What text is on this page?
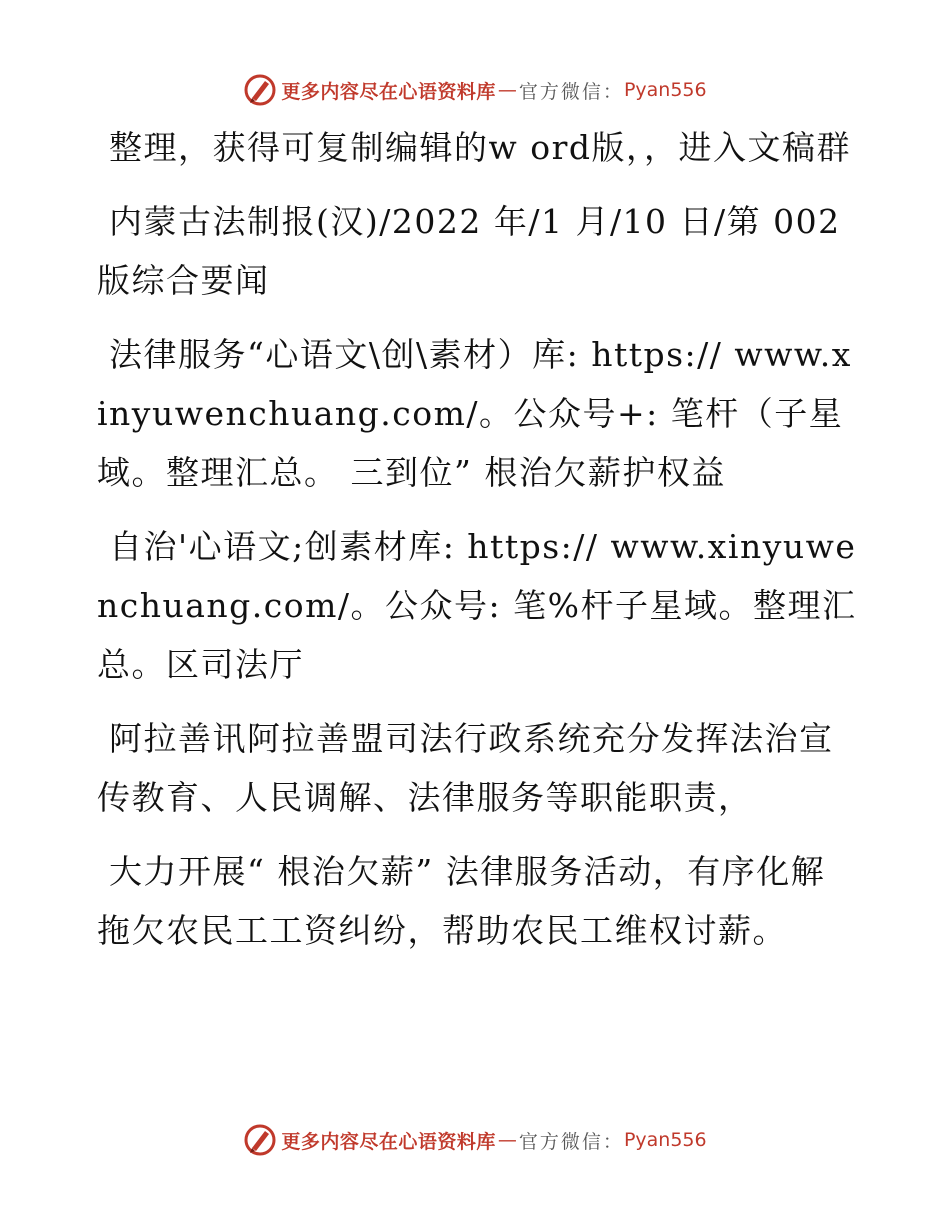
更多内容尽在心语资料库 — 官方微信： Pyan556

整理，获得可复制编辑的w ord版，，进入文稿群

内蒙古法制报(汉)/2022 年/1 月/10 日/第 002 版综合要闻

法律服务“心语文\创\素材）库: https:// www.xinyuwenchuang.com/。公众号+: 笔杆（子星域。整理汇总。 三到位” 根治欠薪护权益

自治'心语文;创素材库: https:// www.xinyuwenchuang.com/。公众号: 笔%杆子星域。整理汇总。区司法厅

阿拉善讯阿拉善盟司法行政系统充分发挥法治宣传教育、人民调解、法律服务等职能职责，

大力开展“ 根治欠薪” 法律服务活动，有序化解拖欠农民工工资纠纷，帮助农民工维权讨薪。

更多内容尽在心语资料库 — 官方微信： Pyan556
